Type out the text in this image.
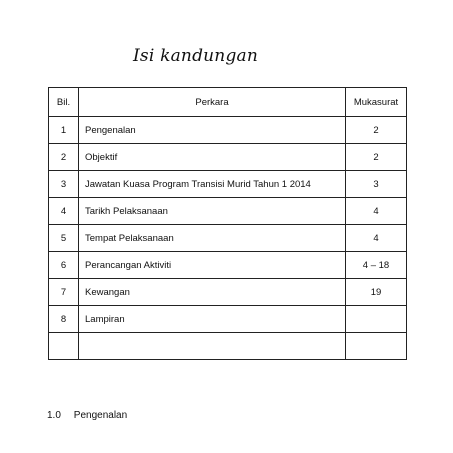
Isi kandungan
Bil.	Perkara	Mukasurat
1	Pengenalan	2
2	Objektif	2
3	Jawatan Kuasa Program Transisi Murid Tahun 1 2014	3
4	Tarikh Pelaksanaan	4
5	Tempat Pelaksanaan	4
6	Perancangan Aktiviti	4 – 18
7	Kewangan	19
8	Lampiran	

1.0 Pengenalan
